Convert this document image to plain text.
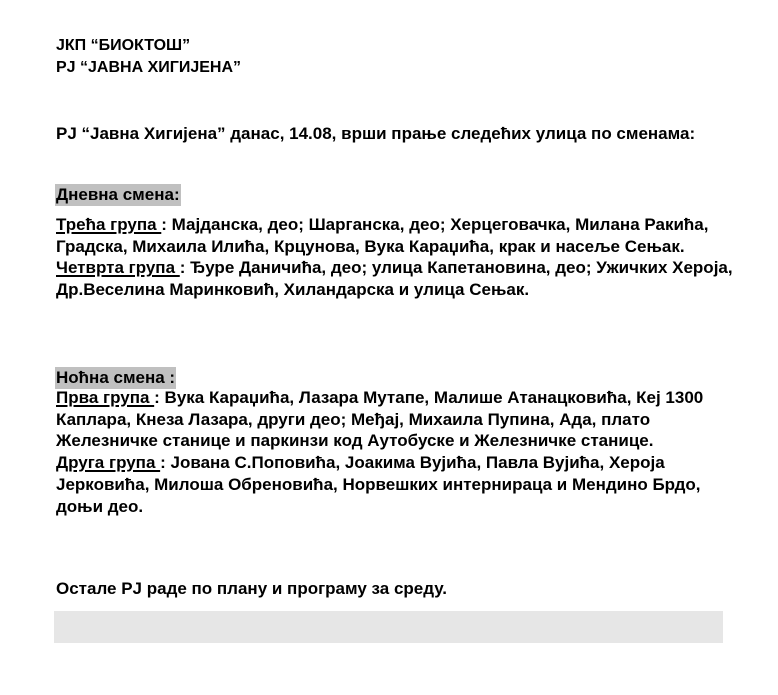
ЈКП “БИОКТОШ”
РЈ “ЈАВНА ХИГИЈЕНА”
РЈ “Јавна Хигијена” данас, 14.08, врши прање следећих улица по сменама:
Дневна смена:
Трећа група : Мајданска, део; Шарганска, део; Херцеговачка, Милана Ракића, Градска, Михаила Илића, Крцунова, Вука Караџића, крак и насеље Сењак.
Четврта група : Ђуре Даничића, део; улица Капетановина, део; Ужичких Хероја, Др.Веселина Маринковић, Хиландарска и улица Сењак.
Ноћна смена :
Прва група : Вука Караџића, Лазара Мутапе, Малише Атанацковића, Кеј 1300 Каплара, Кнеза Лазара, други део; Међај, Михаила Пупина, Ада, плато Железничке станице и паркинзи код Аутобуске и Железничке станице.
Друга група : Јована С.Поповића, Јоакима Вујића, Павла Вујића, Хероја Јерковића, Милоша Обреновића, Норвешких интернираца и Мендино Брдо, доњи део.
Остале РЈ раде по плану и програму за среду.
